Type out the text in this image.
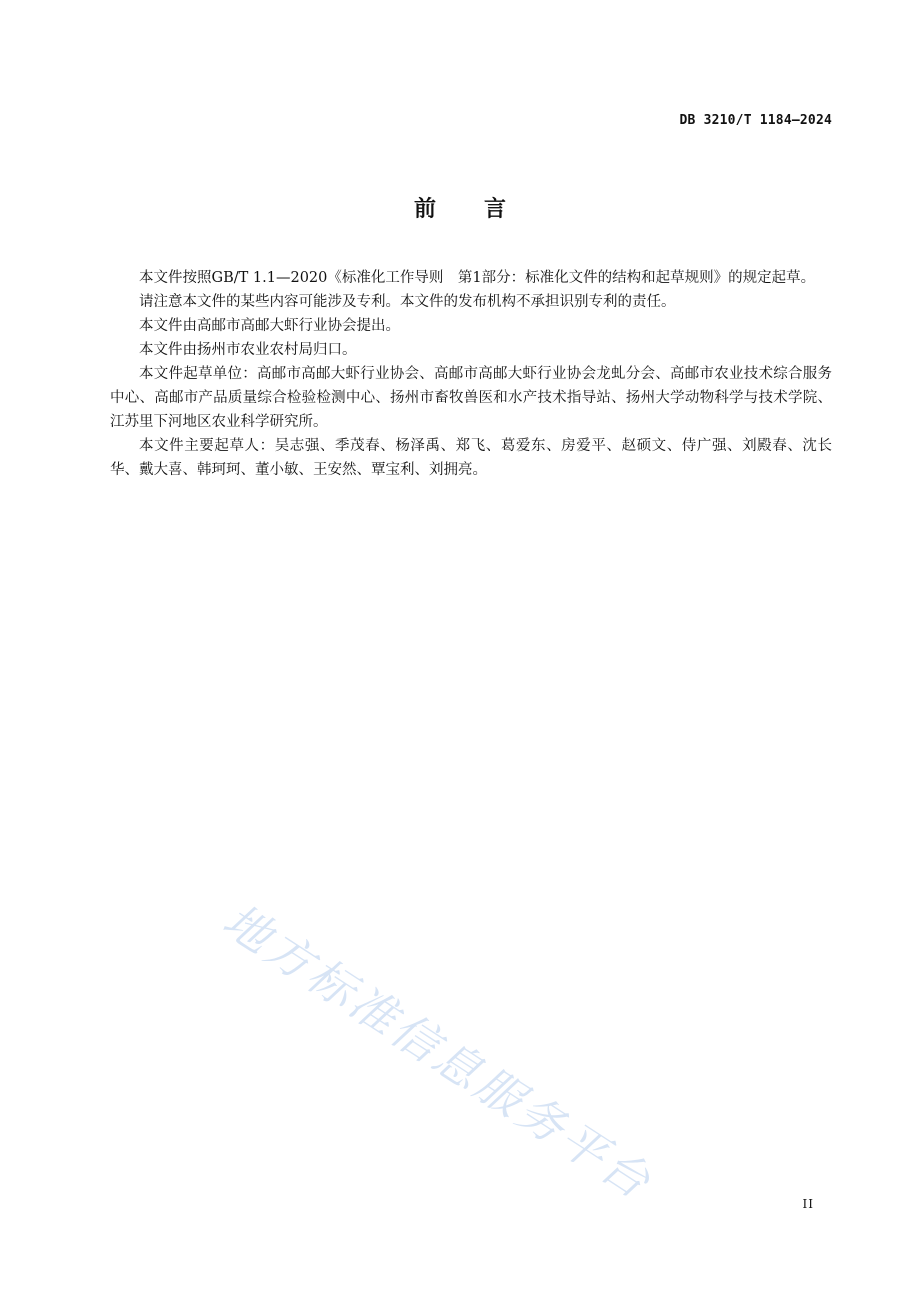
DB 3210/T 1184—2024
前言

本文件按照GB/T 1.1—2020《标准化工作导则　第1部分：标准化文件的结构和起草规则》的规定起草。

请注意本文件的某些内容可能涉及专利。本文件的发布机构不承担识别专利的责任。

本文件由高邮市高邮大虾行业协会提出。

本文件由扬州市农业农村局归口。

本文件起草单位：高邮市高邮大虾行业协会、高邮市高邮大虾行业协会龙虬分会、高邮市农业技术综合服务中心、高邮市产品质量综合检验检测中心、扬州市畜牧兽医和水产技术指导站、扬州大学动物科学与技术学院、江苏里下河地区农业科学研究所。

本文件主要起草人：吴志强、季茂春、杨泽禹、郑飞、葛爱东、房爱平、赵硕文、侍广强、刘殿春、沈长华、戴大喜、韩珂珂、董小敏、王安然、覃宝利、刘拥亮。

地方标准信息服务平台	II
